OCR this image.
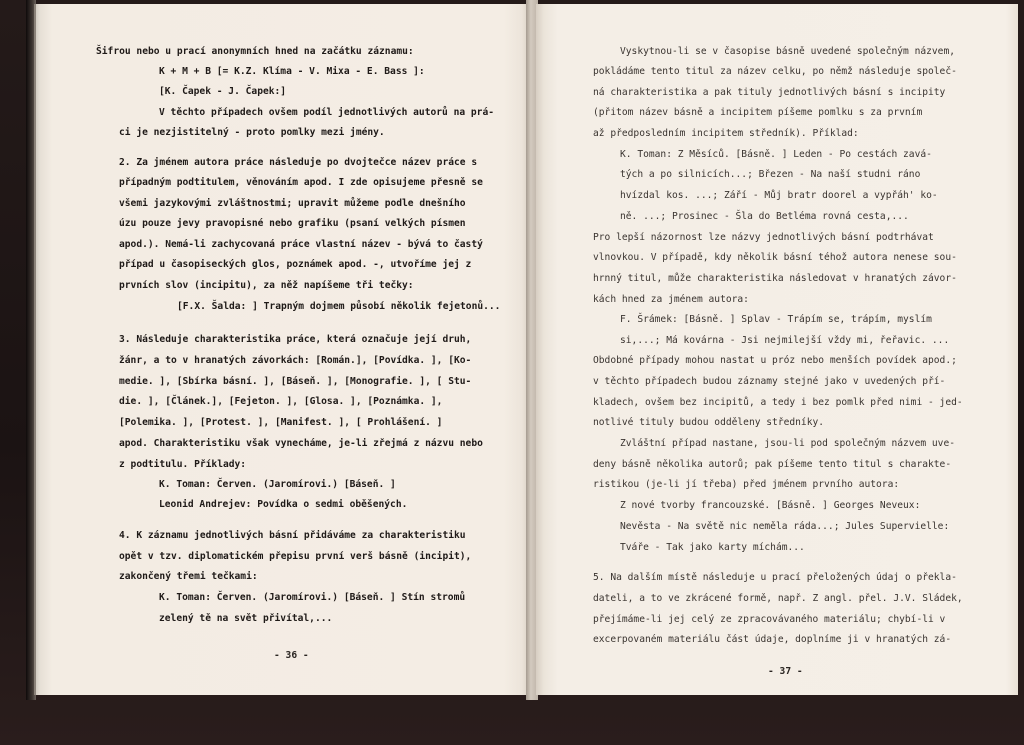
Šifrou nebo u prací anonymních hned na začátku záznamu:
K + M + B [= K.Z. Klíma - V. Mixa - E. Bass ]:
[K. Čapek - J. Čapek:]
V těchto případech ovšem podíl jednotlivých autorů na prá-
ci je nezjistitelný - proto pomlky mezi jmény.
2. Za jménem autora práce následuje po dvojtečce název práce s
případným podtitulem, věnováním apod. I zde opisujeme přesně se
všemi jazykovými zvláštnostmi; upravit můžeme podle dnešního
úzu pouze jevy pravopisné nebo grafiku (psaní velkých písmen
apod.). Nemá-li zachycovaná práce vlastní název - bývá to častý
případ u časopiseckých glos, poznámek apod. -, utvoříme jej z
prvních slov (incipitu), za něž napíšeme tři tečky:
[F.X. Šalda: ] Trapným dojmem působí několik fejetonů...
3. Následuje charakteristika práce, která označuje její druh,
žánr, a to v hranatých závorkách: [Román.], [Povídka. ], [Ko-
medie. ], [Sbírka básní. ], [Báseň. ], [Monografie. ], [ Stu-
die. ], [Článek.], [Fejeton. ], [Glosa. ], [Poznámka. ],
[Polemika. ], [Protest. ], [Manifest. ], [ Prohlášení. ]
apod. Charakteristiku však vynecháme, je-li zřejmá z názvu nebo
z podtitulu. Příklady:
K. Toman: Červen. (Jaromírovi.) [Báseň. ]
Leonid Andrejev: Povídka o sedmi oběšených.
4. K záznamu jednotlivých básní přidáváme za charakteristiku
opět v tzv. diplomatickém přepisu první verš básně (incipit),
zakončený třemi tečkami:
K. Toman: Červen. (Jaromírovi.) [Báseň. ] Stín stromů
zelený tě na svět přivítal,...
- 36 -
Vyskytnou-li se v časopise básně uvedené společným názvem,
pokládáme tento titul za název celku, po němž následuje společ-
ná charakteristika a pak tituly jednotlivých básní s incipity
(přitom název básně a incipitem píšeme pomlku s za prvním
až předposledním incipitem středník). Příklad:
K. Toman: Z Měsíců. [Básně. ] Leden - Po cestách zavá-
tých a po silnicích...; Březen - Na naší studni ráno
hvízdal kos. ...; Září - Můj bratr doorel a vypřáh' ko-
ně. ...; Prosinec - Šla do Betléma rovná cesta,...
Pro lepší názornost lze názvy jednotlivých básní podtrhávat
vlnovkou. V případě, kdy několik básní téhož autora nenese sou-
hrnný titul, může charakteristika následovat v hranatých závor-
kách hned za jménem autora:
F. Šrámek: [Básně. ] Splav - Trápím se, trápím, myslím
si,...; Má kovárna - Jsi nejmilejší vždy mi, řeřavic. ...
Obdobné případy mohou nastat u próz nebo menších povídek apod.;
v těchto případech budou záznamy stejné jako v uvedených pří-
kladech, ovšem bez incipitů, a tedy i bez pomlk před nimi - jed-
notlivé tituly budou odděleny středníky.
Zvláštní případ nastane, jsou-li pod společným názvem uve-
deny básně několika autorů; pak píšeme tento titul s charakte-
ristikou (je-li jí třeba) před jménem prvního autora:
Z nové tvorby francouzské. [Básně. ] Georges Neveux:
Nevěsta - Na světě nic neměla ráda...; Jules Supervielle:
Tváře - Tak jako karty míchám...
5. Na dalším místě následuje u prací přeložených údaj o překla-
dateli, a to ve zkrácené formě, např. Z angl. přel. J.V. Sládek,
přejímáme-li jej celý ze zpracovávaného materiálu; chybí-li v
excerpovaném materiálu část údaje, doplníme ji v hranatých zá-
- 37 -
